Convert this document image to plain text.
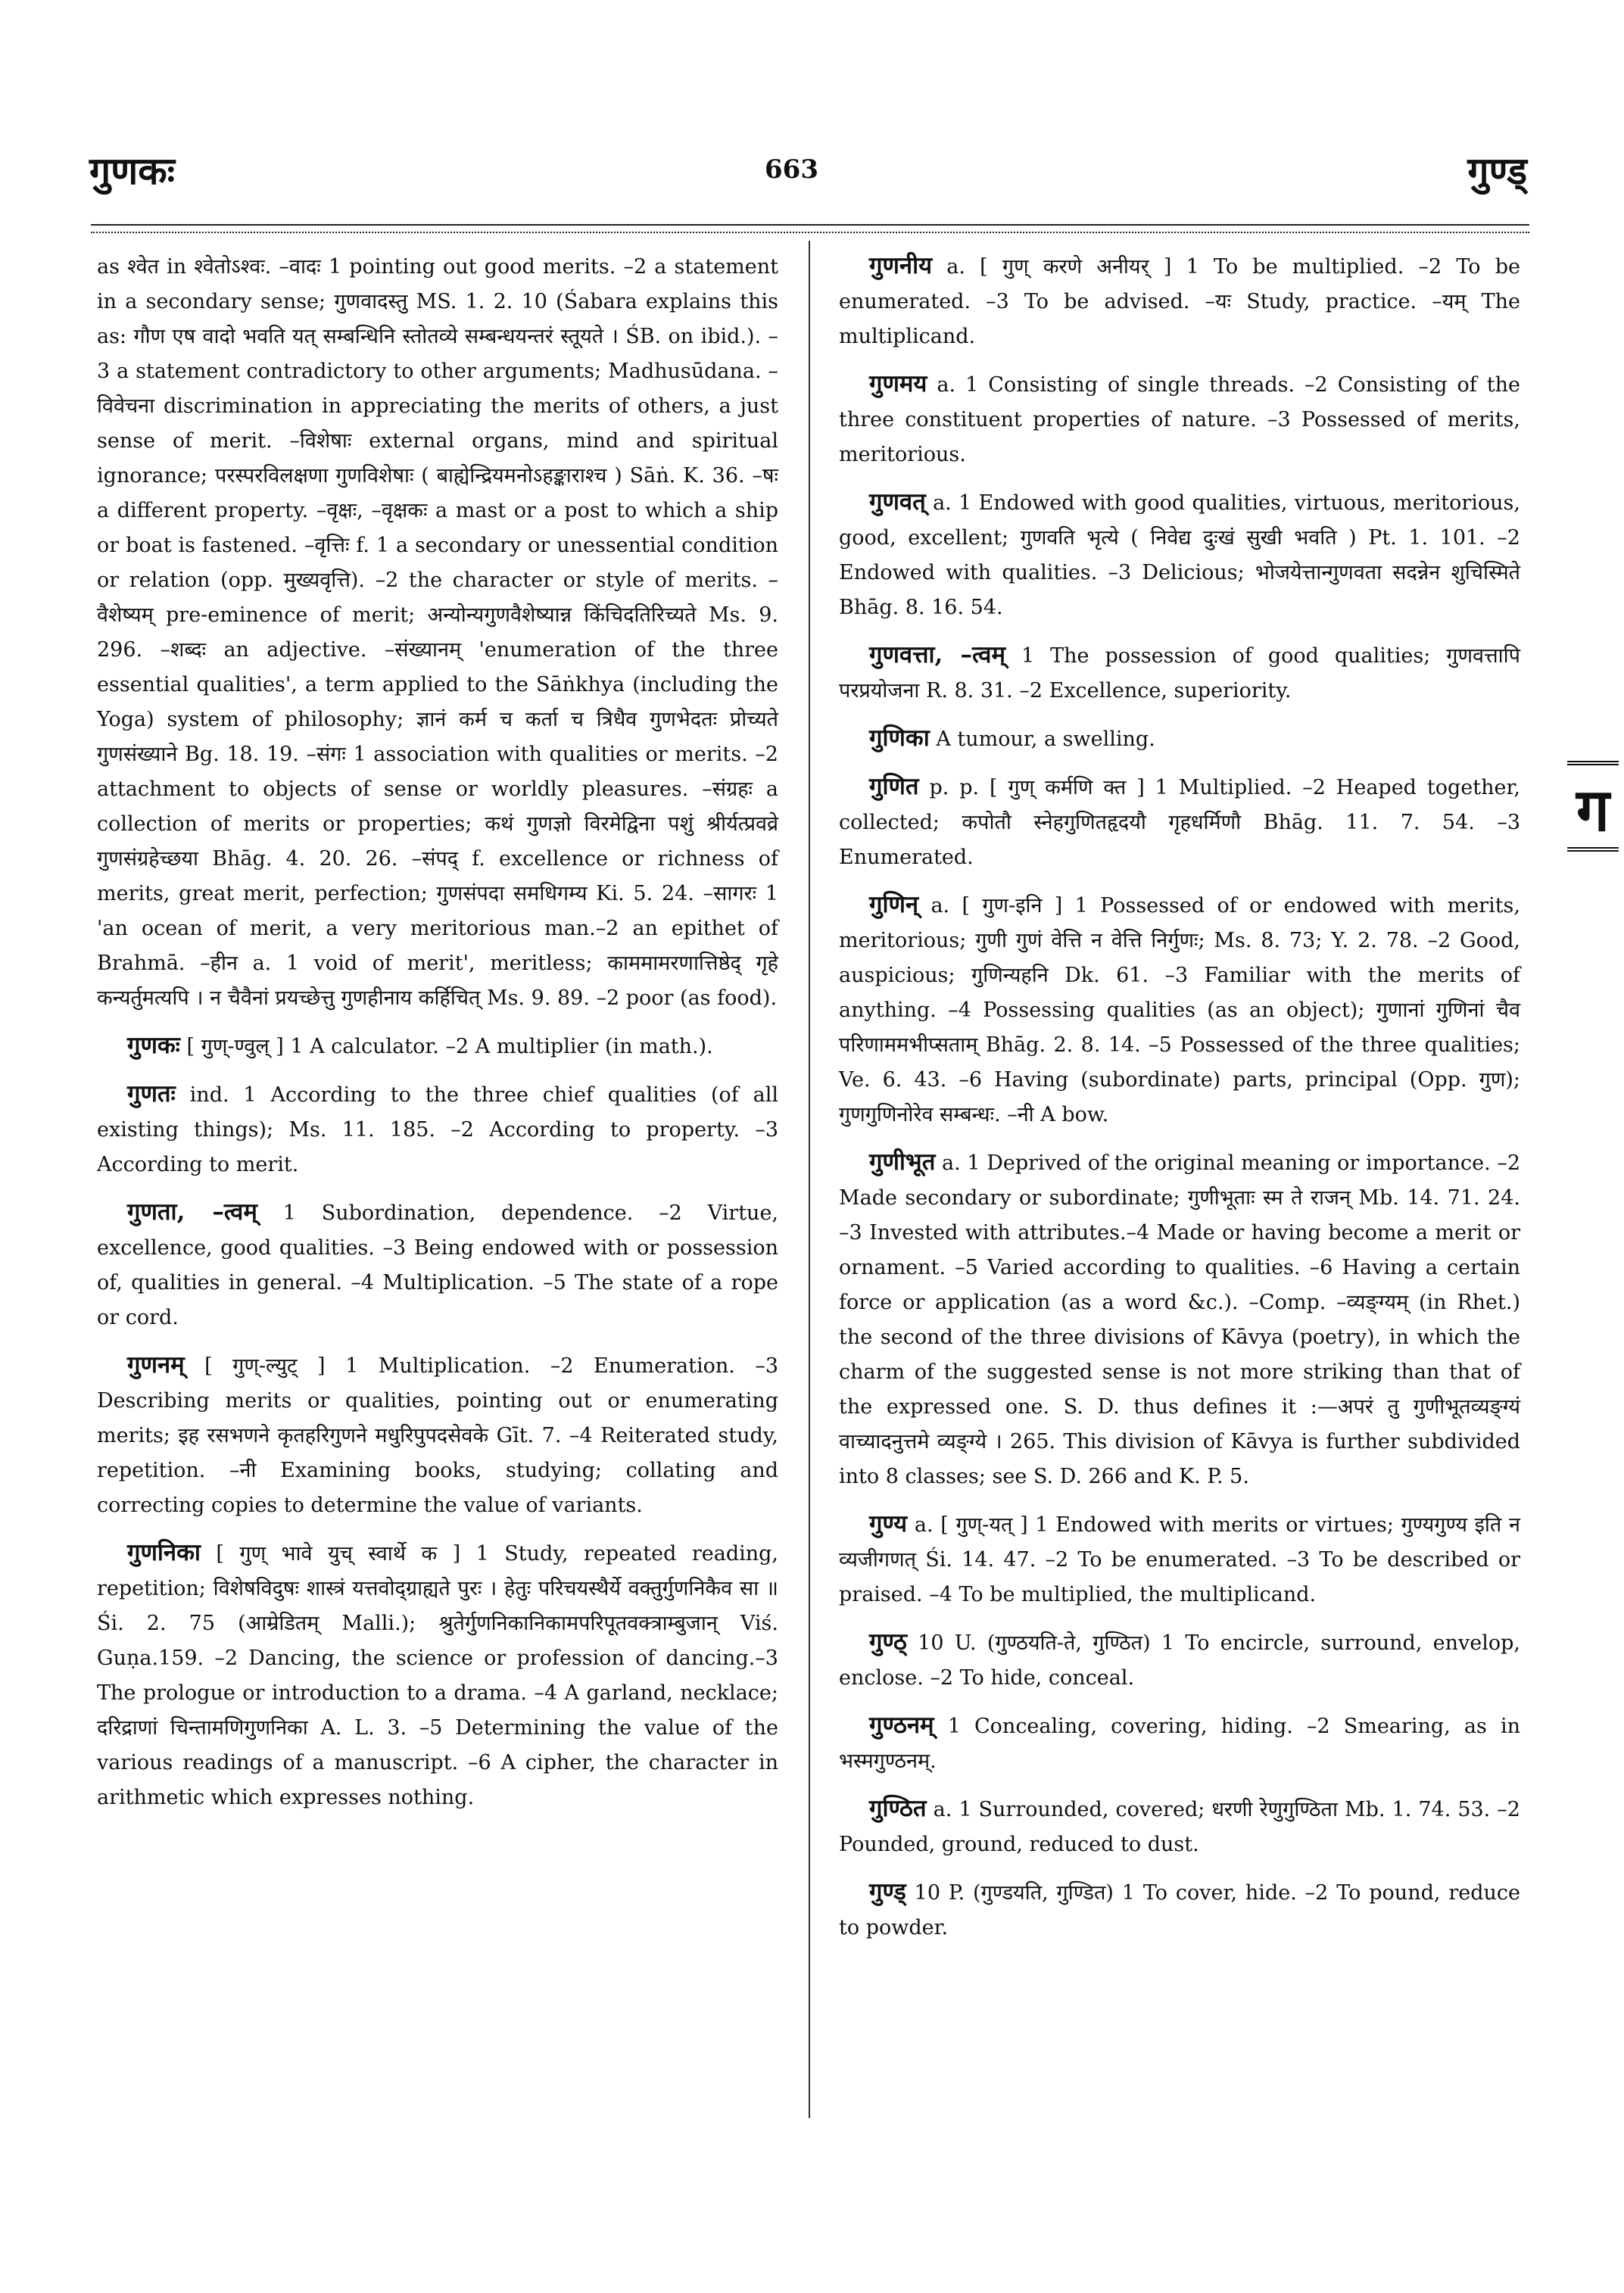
गुणकः	663	गुण्ड्

as श्वेत in श्वेतोऽश्वः. –वादः 1 pointing out good merits. –2 a statement in a secondary sense; गुणवादस्तु MS. 1. 2. 10 (Śabara explains this as: गौण एष वादो भवति यत् सम्बन्धिनि स्तोतव्ये सम्बन्धयन्तरं स्तूयते । ŚB. on ibid.). –3 a statement contradictory to other arguments; Madhusūdana. –विवेचना discrimination in appreciating the merits of others, a just sense of merit. –विशेषाः external organs, mind and spiritual ignorance; परस्परविलक्षणा गुणविशेषाः ( बाह्येन्द्रियमनोऽहङ्काराश्च ) Sāṅ. K. 36. –षः a different property. –वृक्षः, –वृक्षकः a mast or a post to which a ship or boat is fastened. –वृत्तिः f. 1 a secondary or unessential condition or relation (opp. मुख्यवृत्ति). –2 the character or style of merits. –वैशेष्यम् pre-eminence of merit; अन्योन्यगुणवैशेष्यान्न किंचिदतिरिच्यते Ms. 9. 296. –शब्दः an adjective. –संख्यानम् 'enumeration of the three essential qualities', a term applied to the Sāṅkhya (including the Yoga) system of philosophy; ज्ञानं कर्म च कर्ता च त्रिधैव गुणभेदतः प्रोच्यते गुणसंख्याने Bg. 18. 19. –संगः 1 association with qualities or merits. –2 attachment to objects of sense or worldly pleasures. –संग्रहः a collection of merits or properties; कथं गुणज्ञो विरमेद्विना पशुं श्रीर्यत्प्रवव्रे गुणसंग्रहेच्छया Bhāg. 4. 20. 26. –संपद् f. excellence or richness of merits, great merit, perfection; गुणसंपदा समधिगम्य Ki. 5. 24. –सागरः 1 'an ocean of merit, a very meritorious man.–2 an epithet of Brahmā. –हीन a. 1 void of merit', meritless; काममामरणात्तिष्ठेद् गृहे कन्यर्तुमत्यपि । न चैवैनां प्रयच्छेत्तु गुणहीनाय कर्हिचित् Ms. 9. 89. –2 poor (as food).

गुणकः [ गुण्-ण्वुल् ] 1 A calculator. –2 A multiplier (in math.).

गुणतः ind. 1 According to the three chief qualities (of all existing things); Ms. 11. 185. –2 According to property. –3 According to merit.

गुणता, –त्वम् 1 Subordination, dependence. –2 Virtue, excellence, good qualities. –3 Being endowed with or possession of, qualities in general. –4 Multiplication. –5 The state of a rope or cord.

गुणनम् [ गुण्-ल्युट् ] 1 Multiplication. –2 Enumeration. –3 Describing merits or qualities, pointing out or enumerating merits; इह रसभणने कृतहरिगुणने मधुरिपुपदसेवके Gīt. 7. –4 Reiterated study, repetition. –नी Examining books, studying; collating and correcting copies to determine the value of variants.

गुणनिका [ गुण् भावे युच् स्वार्थे क ] 1 Study, repeated reading, repetition; विशेषविदुषः शास्त्रं यत्तवोद्ग्राह्यते पुरः । हेतुः परिचयस्थैर्ये वक्तुर्गुणनिकैव सा ॥ Śi. 2. 75 (आम्रेडितम् Malli.); श्रुतेर्गुणनिकानिकामपरिपूतवक्त्राम्बुजान् Viś. Guṇa.159. –2 Dancing, the science or profession of dancing.–3 The prologue or introduction to a drama. –4 A garland, necklace; दरिद्राणां चिन्तामणिगुणनिका A. L. 3. –5 Determining the value of the various readings of a manuscript. –6 A cipher, the character in arithmetic which expresses nothing.

गुणनीय a. [ गुण् करणे अनीयर् ] 1 To be multiplied. –2 To be enumerated. –3 To be advised. –यः Study, practice. –यम् The multiplicand.

गुणमय a. 1 Consisting of single threads. –2 Consisting of the three constituent properties of nature. –3 Possessed of merits, meritorious.

गुणवत् a. 1 Endowed with good qualities, virtuous, meritorious, good, excellent; गुणवति भृत्ये ( निवेद्य दुःखं सुखी भवति ) Pt. 1. 101. –2 Endowed with qualities. –3 Delicious; भोजयेत्तान्गुणवता सदन्नेन शुचिस्मिते Bhāg. 8. 16. 54.

गुणवत्ता, –त्वम् 1 The possession of good qualities; गुणवत्तापि परप्रयोजना R. 8. 31. –2 Excellence, superiority.

गुणिका A tumour, a swelling.

गुणित p. p. [ गुण् कर्मणि क्त ] 1 Multiplied. –2 Heaped together, collected; कपोतौ स्नेहगुणितहृदयौ गृहधर्मिणौ Bhāg. 11. 7. 54. –3 Enumerated.

गुणिन् a. [ गुण-इनि ] 1 Possessed of or endowed with merits, meritorious; गुणी गुणं वेत्ति न वेत्ति निर्गुणः; Ms. 8. 73; Y. 2. 78. –2 Good, auspicious; गुणिन्यहनि Dk. 61. –3 Familiar with the merits of anything. –4 Possessing qualities (as an object); गुणानां गुणिनां चैव परिणाममभीप्सताम् Bhāg. 2. 8. 14. –5 Possessed of the three qualities; Ve. 6. 43. –6 Having (subordinate) parts, principal (Opp. गुण); गुणगुणिनोरेव सम्बन्धः. –नी A bow.

गुणीभूत a. 1 Deprived of the original meaning or importance. –2 Made secondary or subordinate; गुणीभूताः स्म ते राजन् Mb. 14. 71. 24. –3 Invested with attributes.–4 Made or having become a merit or ornament. –5 Varied according to qualities. –6 Having a certain force or application (as a word &c.). –Comp. –व्यङ्ग्यम् (in Rhet.) the second of the three divisions of Kāvya (poetry), in which the charm of the suggested sense is not more striking than that of the expressed one. S. D. thus defines it :—अपरं तु गुणीभूतव्यङ्ग्यं वाच्यादनुत्तमे व्यङ्ग्ये । 265. This division of Kāvya is further subdivided into 8 classes; see S. D. 266 and K. P. 5.

गुण्य a. [ गुण्-यत् ] 1 Endowed with merits or virtues; गुण्यगुण्य इति न व्यजीगणत् Śi. 14. 47. –2 To be enumerated. –3 To be described or praised. –4 To be multiplied, the multiplicand.

गुण्ठ् 10 U. (गुण्ठयति-ते, गुण्ठित) 1 To encircle, surround, envelop, enclose. –2 To hide, conceal.

गुण्ठनम् 1 Concealing, covering, hiding. –2 Smearing, as in भस्मगुण्ठनम्.

गुण्ठित a. 1 Surrounded, covered; धरणी रेणुगुण्ठिता Mb. 1. 74. 53. –2 Pounded, ground, reduced to dust.

गुण्ड् 10 P. (गुण्डयति, गुण्डित) 1 To cover, hide. –2 To pound, reduce to powder.

ग
